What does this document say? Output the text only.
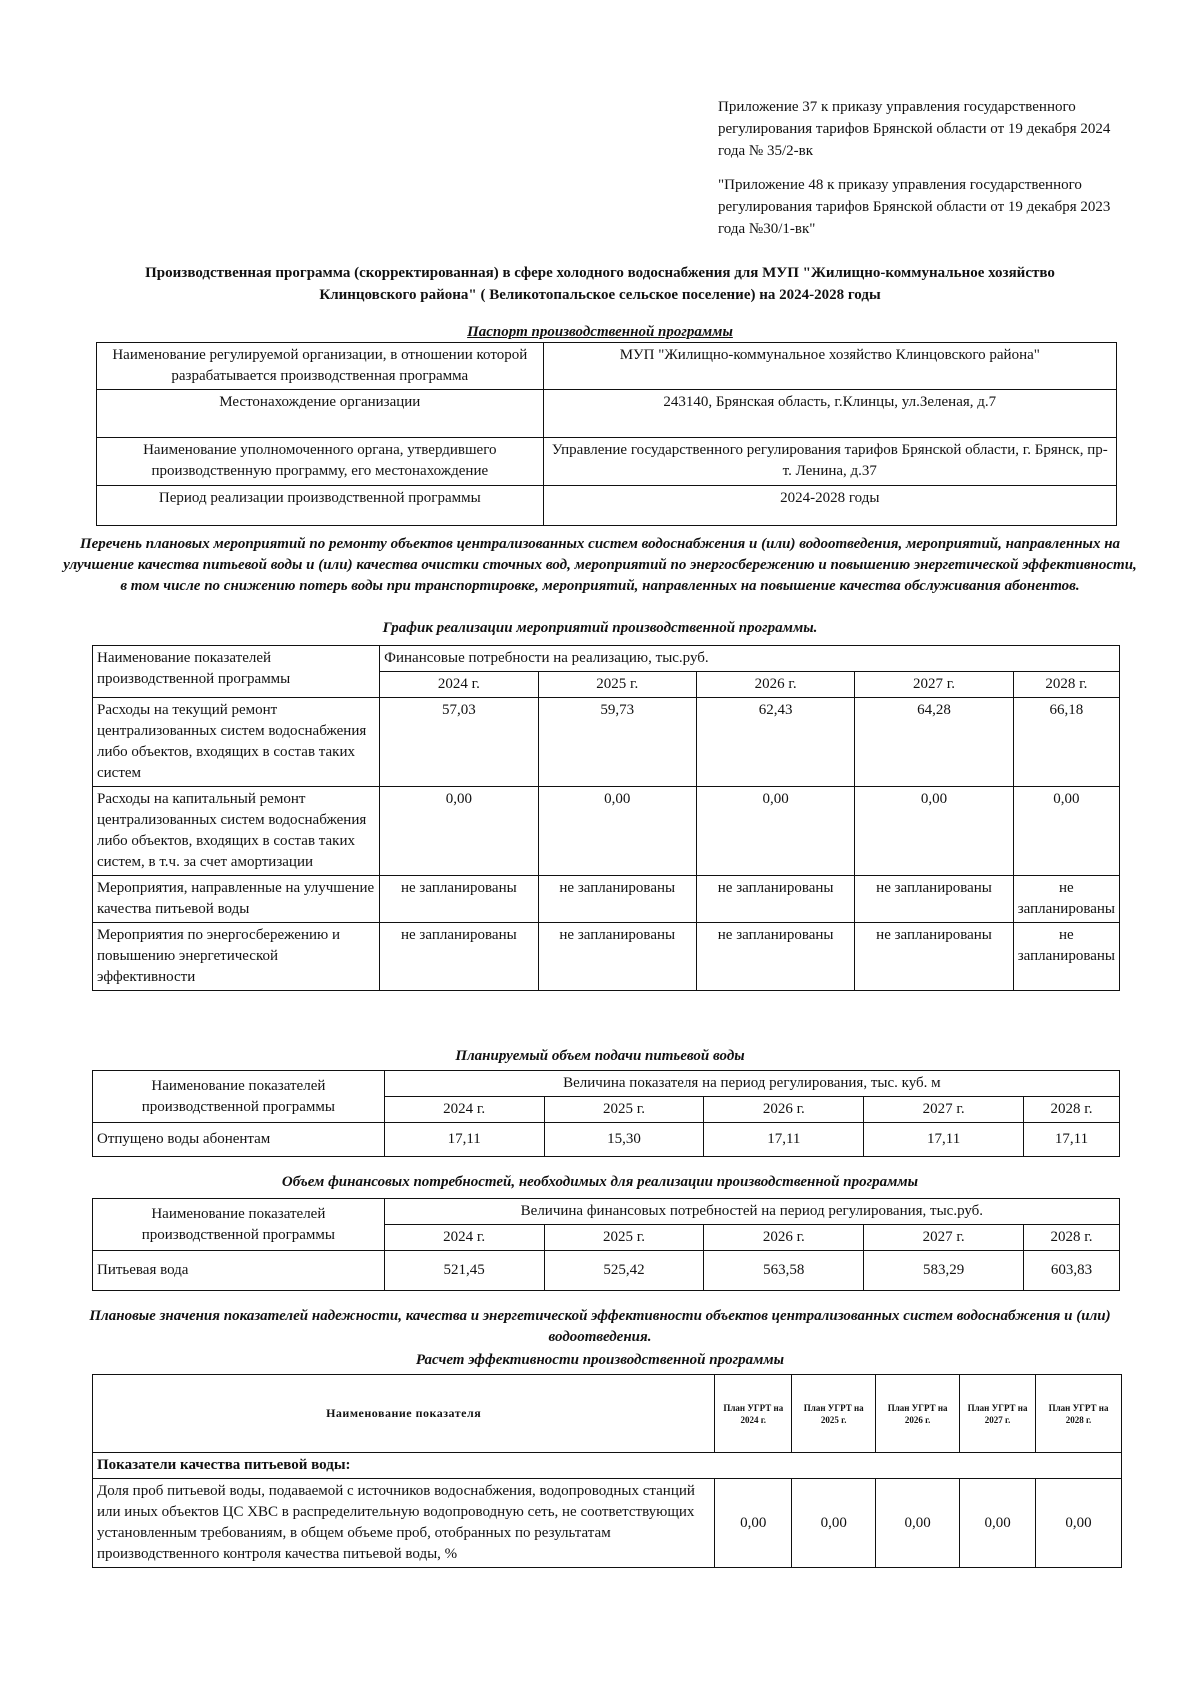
Приложение 37 к приказу управления государственного регулирования тарифов Брянской области от 19 декабря 2024 года № 35/2-вк

"Приложение 48 к приказу управления государственного регулирования тарифов Брянской области от 19 декабря 2023 года №30/1-вк"

Производственная программа (скорректированная) в сфере холодного водоснабжения для МУП "Жилищно-коммунальное хозяйство Клинцовского района" ( Великотопальское сельское поселение) на 2024-2028 годы
Паспорт производственной программы
Наименование регулируемой организации, в отношении которой разрабатывается производственная программа	МУП "Жилищно-коммунальное хозяйство Клинцовского района"
Местонахождение организации	243140, Брянская область, г.Клинцы, ул.Зеленая, д.7
Наименование уполномоченного органа, утвердившего производственную программу, его местонахождение	Управление государственного регулирования тарифов Брянской области, г. Брянск, пр-т. Ленина, д.37
Период реализации производственной программы	2024-2028 годы
Перечень плановых мероприятий по ремонту объектов централизованных систем водоснабжения и (или) водоотведения, мероприятий, направленных на улучшение качества питьевой воды и (или) качества очистки сточных вод, мероприятий по энергосбережению и повышению энергетической эффективности, в том числе по снижению потерь воды при транспортировке, мероприятий, направленных на повышение качества обслуживания абонентов.
График реализации мероприятий производственной программы.
Наименование показателей производственной программы	Финансовые потребности на реализацию, тыс.руб.				
	2024 г.	2025 г.	2026 г.	2027 г.	2028 г.
Расходы на текущий ремонт централизованных систем водоснабжения либо объектов, входящих в состав таких систем	57,03	59,73	62,43	64,28	66,18
Расходы на капитальный ремонт централизованных систем водоснабжения либо объектов, входящих в состав таких систем, в т.ч. за счет амортизации	0,00	0,00	0,00	0,00	0,00
Мероприятия, направленные на улучшение качества питьевой воды	не запланированы	не запланированы	не запланированы	не запланированы	не запланированы
Мероприятия по энергосбережению и повышению энергетической эффективности	не запланированы	не запланированы	не запланированы	не запланированы	не запланированы
Планируемый объем подачи питьевой воды
Наименование показателей производственной программы	Величина показателя на период регулирования, тыс. куб. м				
	2024 г.	2025 г.	2026 г.	2027 г.	2028 г.
Отпущено воды абонентам	17,11	15,30	17,11	17,11	17,11
Объем финансовых потребностей, необходимых для реализации производственной программы
Наименование показателей производственной программы	Величина финансовых потребностей на период регулирования, тыс.руб.				
	2024 г.	2025 г.	2026 г.	2027 г.	2028 г.
Питьевая вода	521,45	525,42	563,58	583,29	603,83
Плановые значения показателей надежности, качества и энергетической эффективности объектов централизованных систем водоснабжения и (или) водоотведения.
Расчет эффективности производственной программы
Наименование показателя	План УГРТ на 2024 г.	План УГРТ на 2025 г.	План УГРТ на 2026 г.	План УГРТ на 2027 г.	План УГРТ на 2028 г.
Показатели качества питьевой воды:					
Доля проб питьевой воды, подаваемой с источников водоснабжения, водопроводных станций или иных объектов ЦС ХВС в распределительную водопроводную сеть, не соответствующих установленным требованиям, в общем объеме проб, отобранных по результатам производственного контроля качества питьевой воды, %	0,00	0,00	0,00	0,00	0,00
